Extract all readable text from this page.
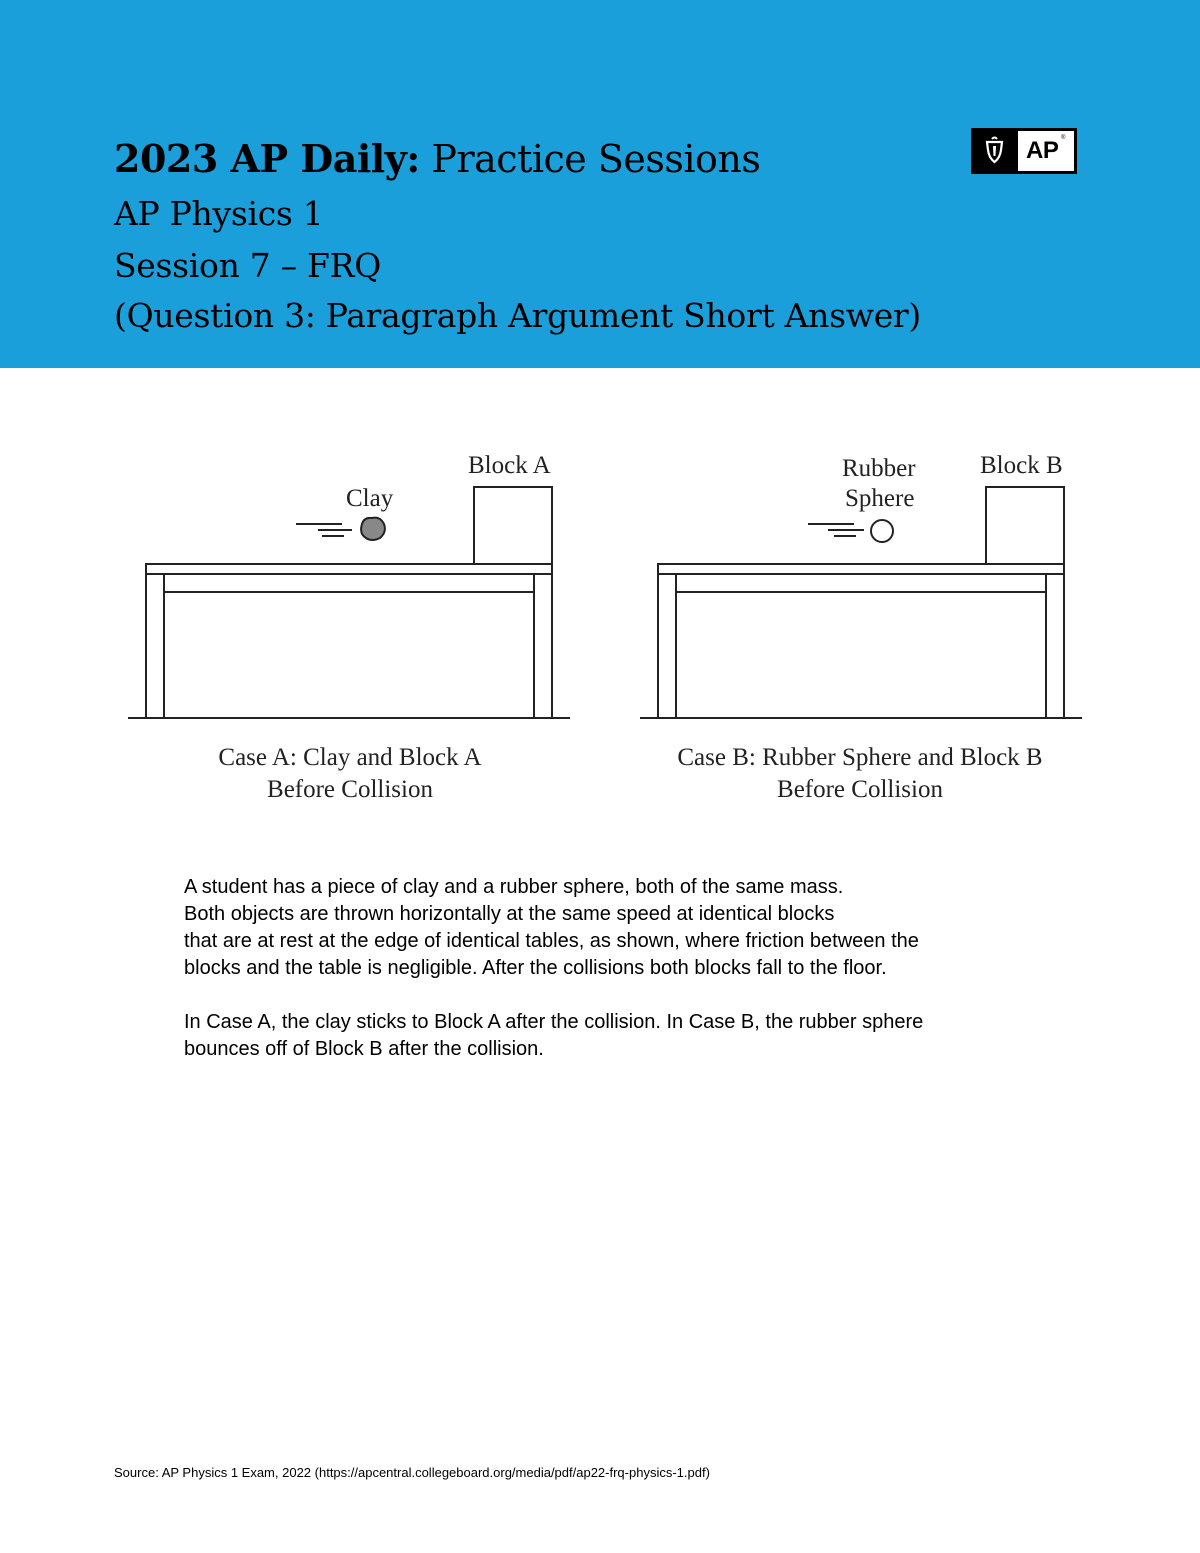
2023 AP Daily: Practice Sessions
AP Physics 1
Session 7 – FRQ
(Question 3: Paragraph Argument Short Answer)
AP ®
Clay
Block A
Case A: Clay and Block A
Before Collision
Rubber
Sphere
Block B
Case B: Rubber Sphere and Block B
Before Collision
A student has a piece of clay and a rubber sphere, both of the same mass.
Both objects are thrown horizontally at the same speed at identical blocks
that are at rest at the edge of identical tables, as shown, where friction between the
blocks and the table is negligible. After the collisions both blocks fall to the floor.
In Case A, the clay sticks to Block A after the collision. In Case B, the rubber sphere
bounces off of Block B after the collision.
Source: AP Physics 1 Exam, 2022 (https://apcentral.collegeboard.org/media/pdf/ap22-frq-physics-1.pdf)
